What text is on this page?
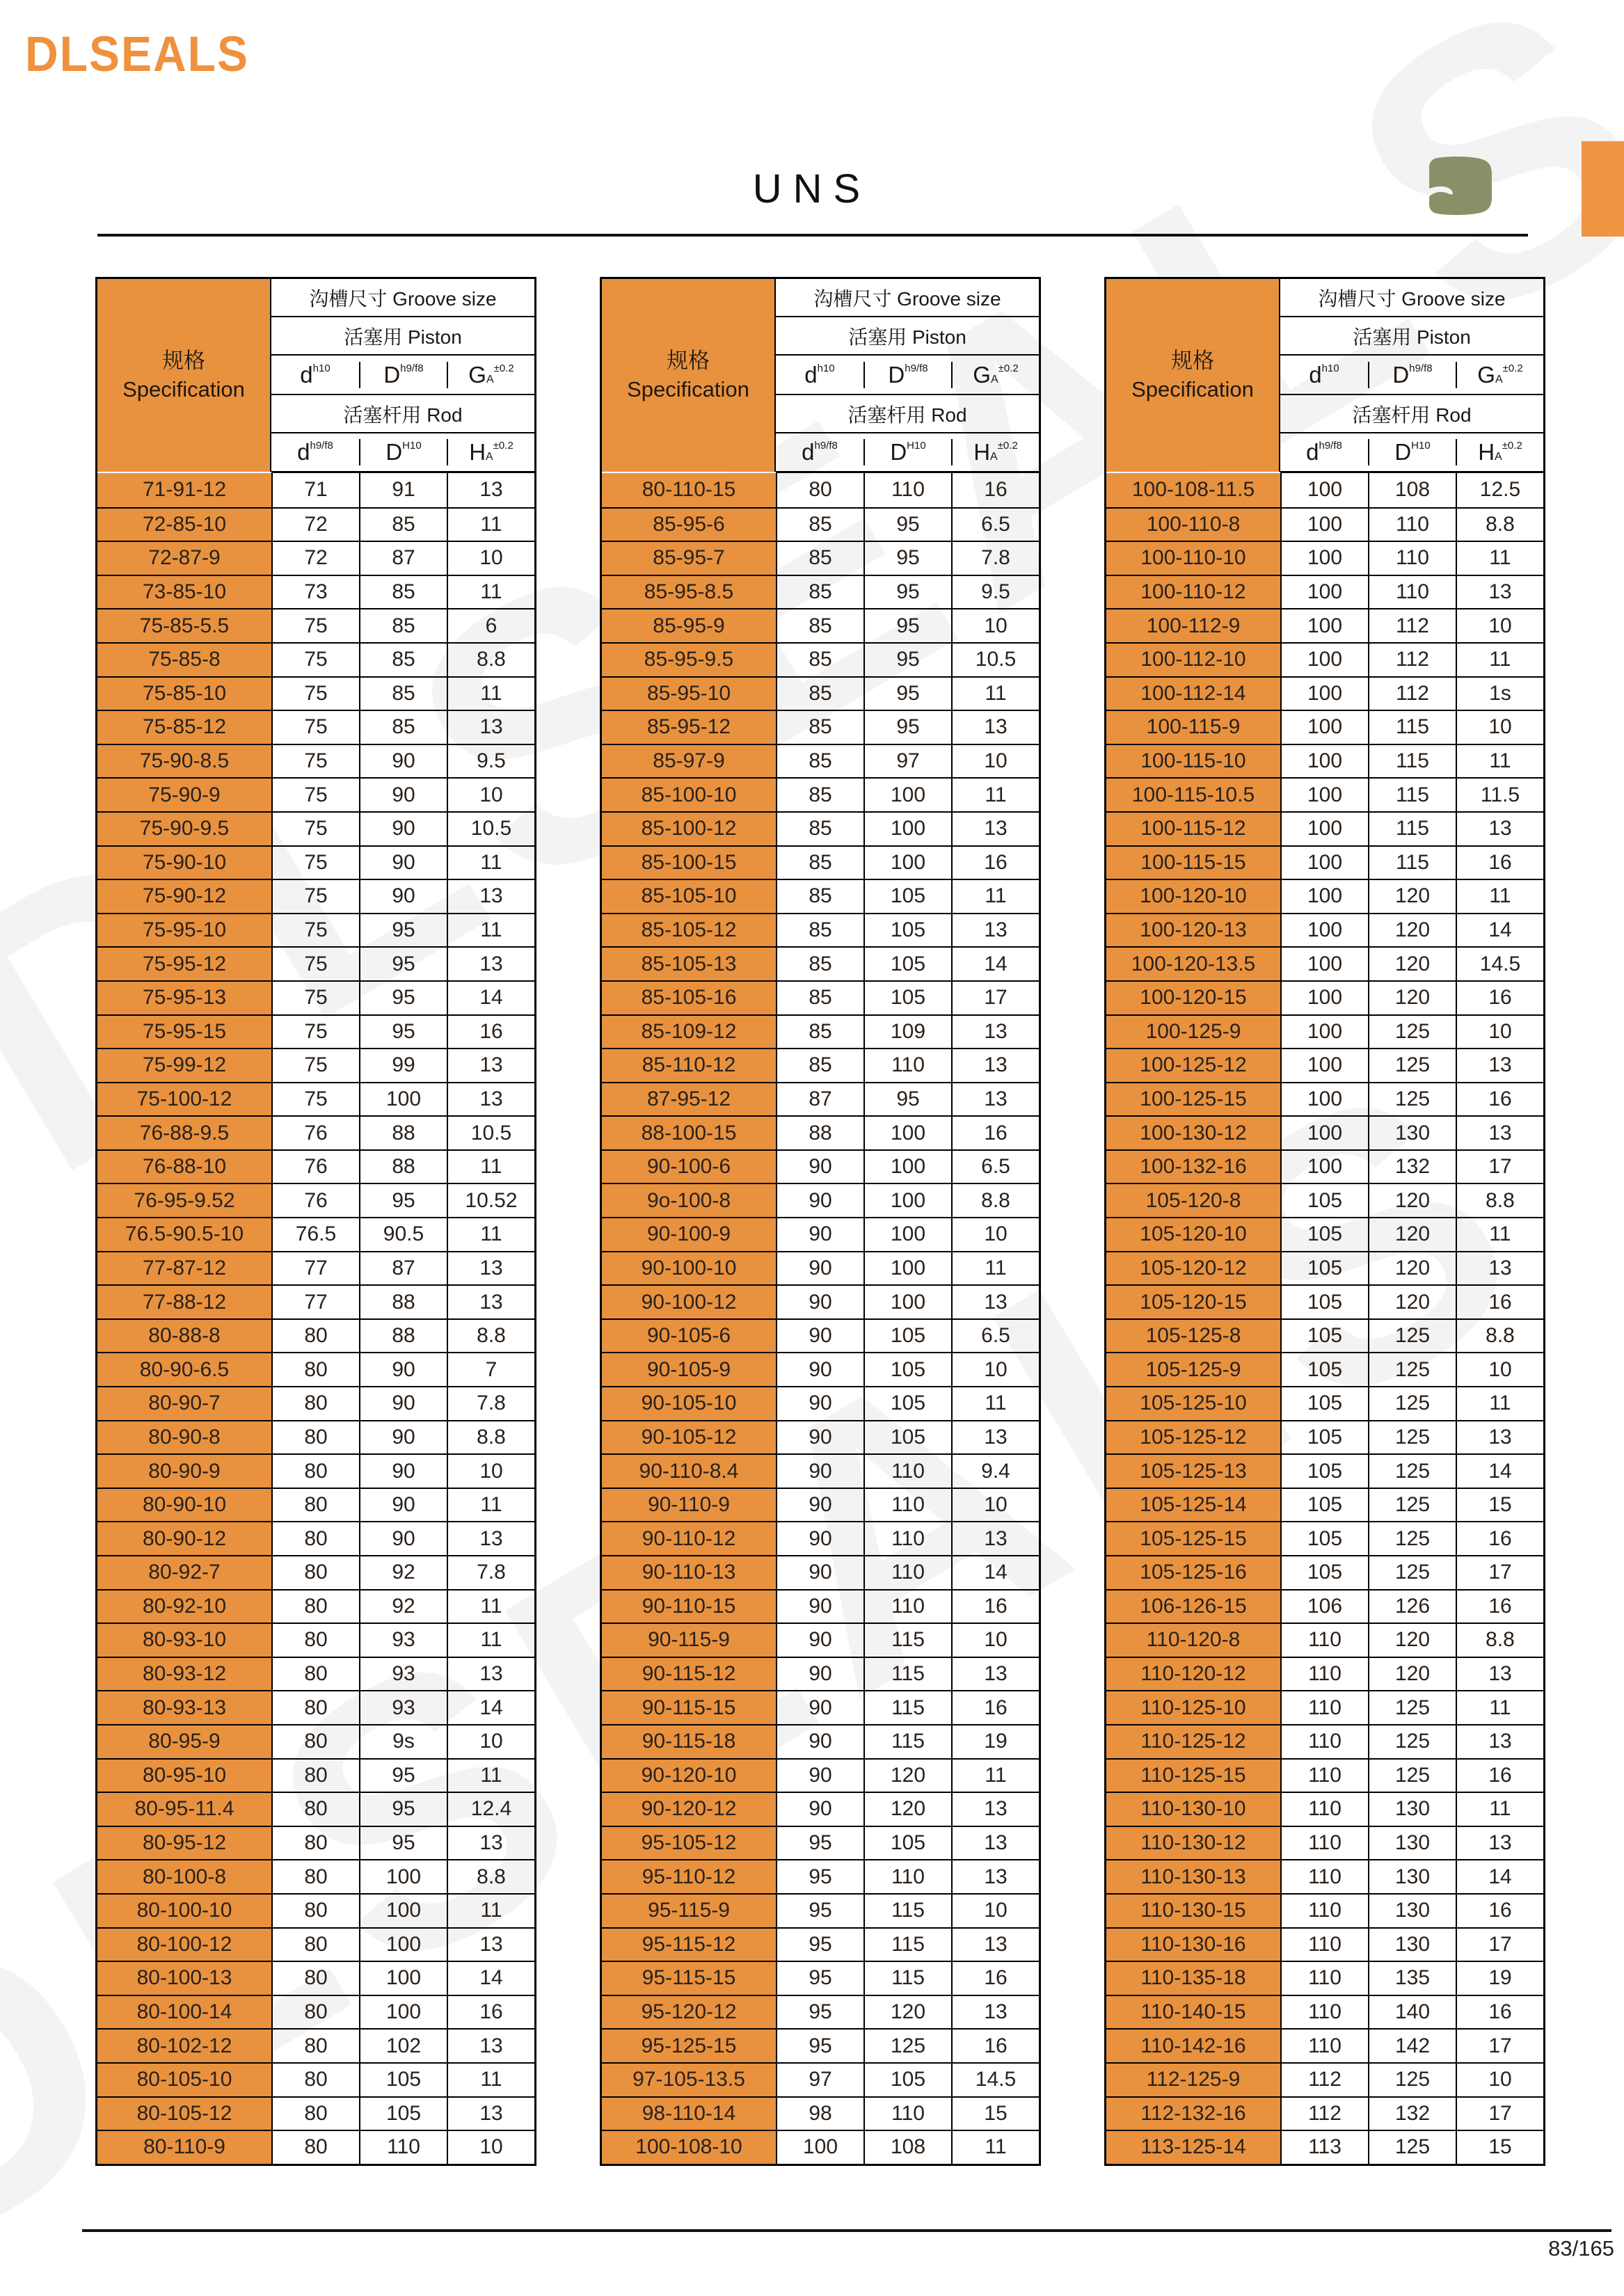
DLSEALS
UNS
规格
Specification
沟槽尺寸 Groove size
活塞用 Piston
d h10 D h9/f8 G A
±0.2
活塞杆用 Rod
d h9/f8 D H10 H A
±0.2
71-91-12	71	91	13
72-85-10	72	85	11
72-87-9	72	87	10
73-85-10	73	85	11
75-85-5.5	75	85	6
75-85-8	75	85	8.8
75-85-10	75	85	11
75-85-12	75	85	13
75-90-8.5	75	90	9.5
75-90-9	75	90	10
75-90-9.5	75	90	10.5
75-90-10	75	90	11
75-90-12	75	90	13
75-95-10	75	95	11
75-95-12	75	95	13
75-95-13	75	95	14
75-95-15	75	95	16
75-99-12	75	99	13
75-100-12	75	100	13
76-88-9.5	76	88	10.5
76-88-10	76	88	11
76-95-9.52	76	95	10.52
76.5-90.5-10	76.5	90.5	11
77-87-12	77	87	13
77-88-12	77	88	13
80-88-8	80	88	8.8
80-90-6.5	80	90	7
80-90-7	80	90	7.8
80-90-8	80	90	8.8
80-90-9	80	90	10
80-90-10	80	90	11
80-90-12	80	90	13
80-92-7	80	92	7.8
80-92-10	80	92	11
80-93-10	80	93	11
80-93-12	80	93	13
80-93-13	80	93	14
80-95-9	80	9s	10
80-95-10	80	95	11
80-95-11.4	80	95	12.4
80-95-12	80	95	13
80-100-8	80	100	8.8
80-100-10	80	100	11
80-100-12	80	100	13
80-100-13	80	100	14
80-100-14	80	100	16
80-102-12	80	102	13
80-105-10	80	105	11
80-105-12	80	105	13
80-110-9	80	110	10
规格
Specification
沟槽尺寸 Groove size
活塞用 Piston
d h10 D h9/f8 G A
±0.2
活塞杆用 Rod
d h9/f8 D H10 H A
±0.2
80-110-15	80	110	16
85-95-6	85	95	6.5
85-95-7	85	95	7.8
85-95-8.5	85	95	9.5
85-95-9	85	95	10
85-95-9.5	85	95	10.5
85-95-10	85	95	11
85-95-12	85	95	13
85-97-9	85	97	10
85-100-10	85	100	11
85-100-12	85	100	13
85-100-15	85	100	16
85-105-10	85	105	11
85-105-12	85	105	13
85-105-13	85	105	14
85-105-16	85	105	17
85-109-12	85	109	13
85-110-12	85	110	13
87-95-12	87	95	13
88-100-15	88	100	16
90-100-6	90	100	6.5
9o-100-8	90	100	8.8
90-100-9	90	100	10
90-100-10	90	100	11
90-100-12	90	100	13
90-105-6	90	105	6.5
90-105-9	90	105	10
90-105-10	90	105	11
90-105-12	90	105	13
90-110-8.4	90	110	9.4
90-110-9	90	110	10
90-110-12	90	110	13
90-110-13	90	110	14
90-110-15	90	110	16
90-115-9	90	115	10
90-115-12	90	115	13
90-115-15	90	115	16
90-115-18	90	115	19
90-120-10	90	120	11
90-120-12	90	120	13
95-105-12	95	105	13
95-110-12	95	110	13
95-115-9	95	115	10
95-115-12	95	115	13
95-115-15	95	115	16
95-120-12	95	120	13
95-125-15	95	125	16
97-105-13.5	97	105	14.5
98-110-14	98	110	15
100-108-10	100	108	11
规格
Specification
沟槽尺寸 Groove size
活塞用 Piston
d h10 D h9/f8 G A
±0.2
活塞杆用 Rod
d h9/f8 D H10 H A
±0.2
100-108-11.5	100	108	12.5
100-110-8	100	110	8.8
100-110-10	100	110	11
100-110-12	100	110	13
100-112-9	100	112	10
100-112-10	100	112	11
100-112-14	100	112	1s
100-115-9	100	115	10
100-115-10	100	115	11
100-115-10.5	100	115	11.5
100-115-12	100	115	13
100-115-15	100	115	16
100-120-10	100	120	11
100-120-13	100	120	14
100-120-13.5	100	120	14.5
100-120-15	100	120	16
100-125-9	100	125	10
100-125-12	100	125	13
100-125-15	100	125	16
100-130-12	100	130	13
100-132-16	100	132	17
105-120-8	105	120	8.8
105-120-10	105	120	11
105-120-12	105	120	13
105-120-15	105	120	16
105-125-8	105	125	8.8
105-125-9	105	125	10
105-125-10	105	125	11
105-125-12	105	125	13
105-125-13	105	125	14
105-125-14	105	125	15
105-125-15	105	125	16
105-125-16	105	125	17
106-126-15	106	126	16
110-120-8	110	120	8.8
110-120-12	110	120	13
110-125-10	110	125	11
110-125-12	110	125	13
110-125-15	110	125	16
110-130-10	110	130	11
110-130-12	110	130	13
110-130-13	110	130	14
110-130-15	110	130	16
110-130-16	110	130	17
110-135-18	110	135	19
110-140-15	110	140	16
110-142-16	110	142	17
112-125-9	112	125	10
112-132-16	112	132	17
113-125-14	113	125	15
83/165
